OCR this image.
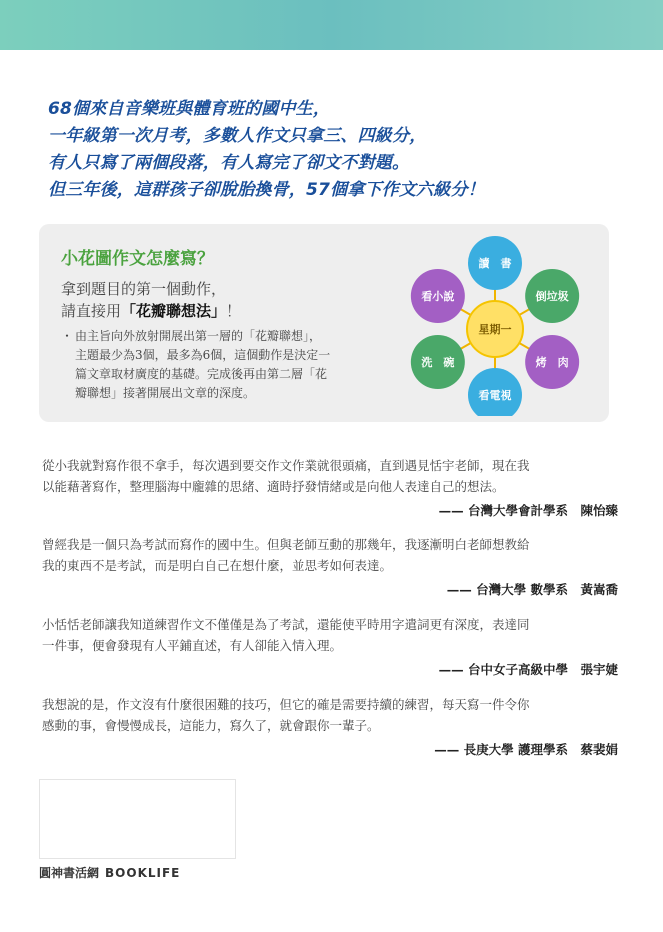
68個來自音樂班與體育班的國中生，
一年級第一次月考，多數人作文只拿三、四級分，
有人只寫了兩個段落，有人寫完了卻文不對題。
但三年後，這群孩子卻脫胎換骨，57個拿下作文六級分！
小花圖作文怎麼寫？
拿到題目的第一個動作，
請直接用「花瓣聯想法」！
・ 由主旨向外放射開展出第一層的「花瓣聯想」，
主題最少為3個，最多為6個，這個動作是決定一
篇文章取材廣度的基礎。完成後再由第二層「花
瓣聯想」接著開展出文章的深度。
讀　書
倒垃圾
烤　肉
看電視
洗　碗
看小說
星期一
從小我就對寫作很不拿手，每次遇到要交作文作業就很頭痛，直到遇見恬宇老師，現在我
以能藉著寫作，整理腦海中龐雜的思緒、適時抒發情緒或是向他人表達自己的想法。
—— 台灣大學會計學系　陳怡臻
曾經我是一個只為考試而寫作的國中生。但與老師互動的那幾年，我逐漸明白老師想教給
我的東西不是考試，而是明白自己在想什麼，並思考如何表達。
—— 台灣大學 數學系　黃嵩喬
小恬恬老師讓我知道練習作文不僅僅是為了考試，還能使平時用字遣詞更有深度，表達同
一件事，便會發現有人平鋪直述，有人卻能入情入理。
—— 台中女子高級中學　張宇婕
我想說的是，作文沒有什麼很困難的技巧，但它的確是需要持續的練習，每天寫一件令你
感動的事，會慢慢成長，這能力，寫久了，就會跟你一輩子。
—— 長庚大學 護理學系　蔡裴娟
圓神書活網 BOOKLIFE
